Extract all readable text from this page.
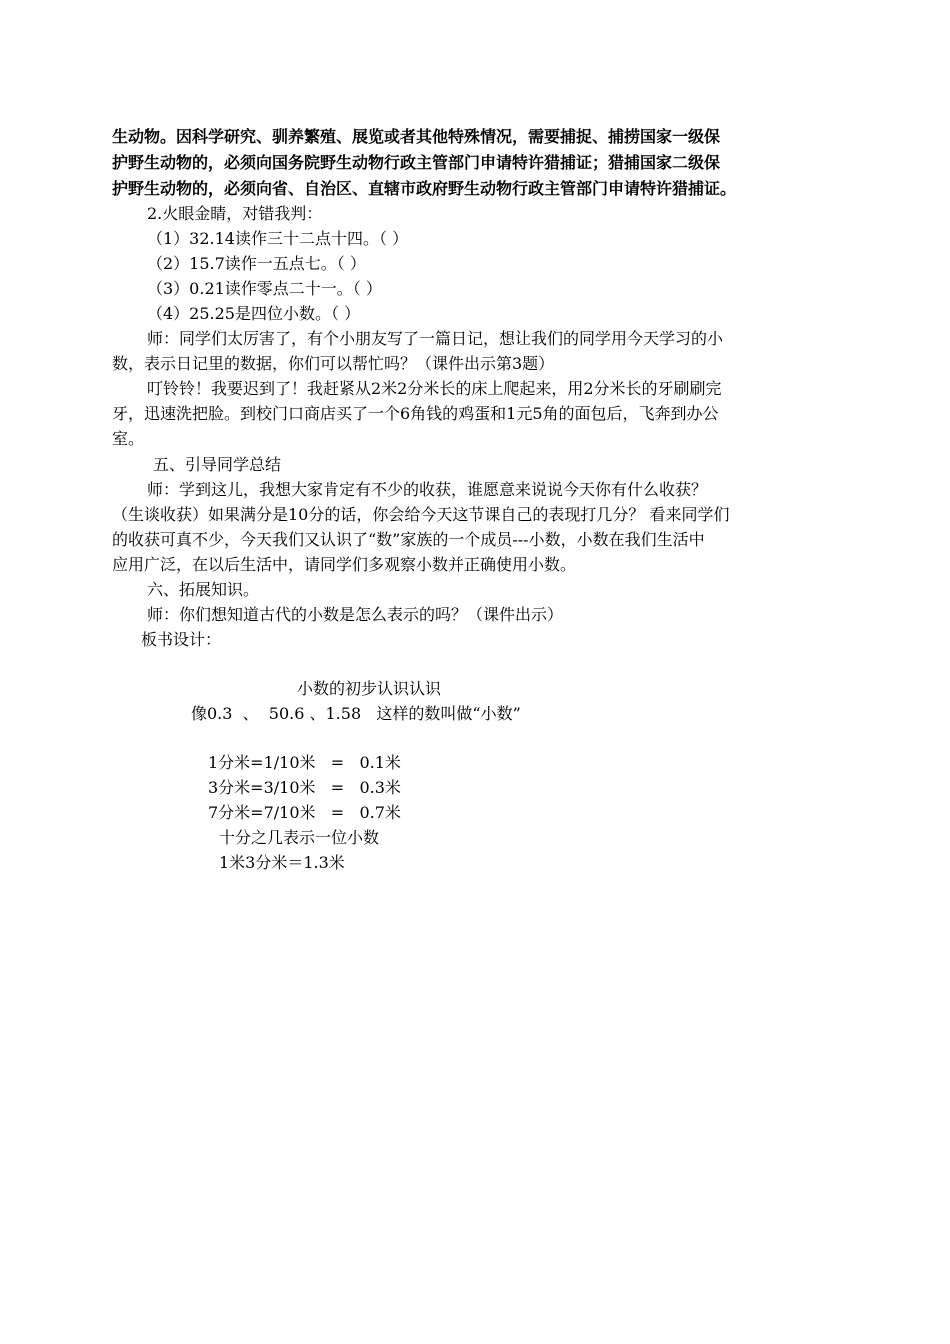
生动物。因科学研究、驯养繁殖、展览或者其他特殊情况，需要捕捉、捕捞国家一级保
护野生动物的，必须向国务院野生动物行政主管部门申请特许猎捕证；猎捕国家二级保
护野生动物的，必须向省、自治区、直辖市政府野生动物行政主管部门申请特许猎捕证。
2.火眼金睛，对错我判：
（1）32.14读作三十二点十四。（ ）
（2）15.7读作一五点七。（ ）
（3）0.21读作零点二十一。（ ）
（4）25.25是四位小数。（ ）
师：同学们太厉害了，有个小朋友写了一篇日记，想让我们的同学用今天学习的小
数，表示日记里的数据，你们可以帮忙吗？（课件出示第3题）
叮铃铃！我要迟到了！我赶紧从2米2分米长的床上爬起来，用2分米长的牙刷刷完
牙，迅速洗把脸。到校门口商店买了一个6角钱的鸡蛋和1元5角的面包后，飞奔到办公
室。
五、引导同学总结
师：学到这儿，我想大家肯定有不少的收获，谁愿意来说说今天你有什么收获？
（生谈收获）如果满分是10分的话，你会给今天这节课自己的表现打几分？ 看来同学们
的收获可真不少，今天我们又认识了“数”家族的一个成员---小数，小数在我们生活中
应用广泛，在以后生活中，请同学们多观察小数并正确使用小数。
六、拓展知识。
师：你们想知道古代的小数是怎么表示的吗？（课件出示）
板书设计：
小数的初步认识认识
像0.3  、  50.6 、1.58   这样的数叫做“小数”
1分米=1/10米   =   0.1米
3分米=3/10米   =   0.3米
7分米=7/10米   =   0.7米
十分之几表示一位小数
1米3分米＝1.3米
